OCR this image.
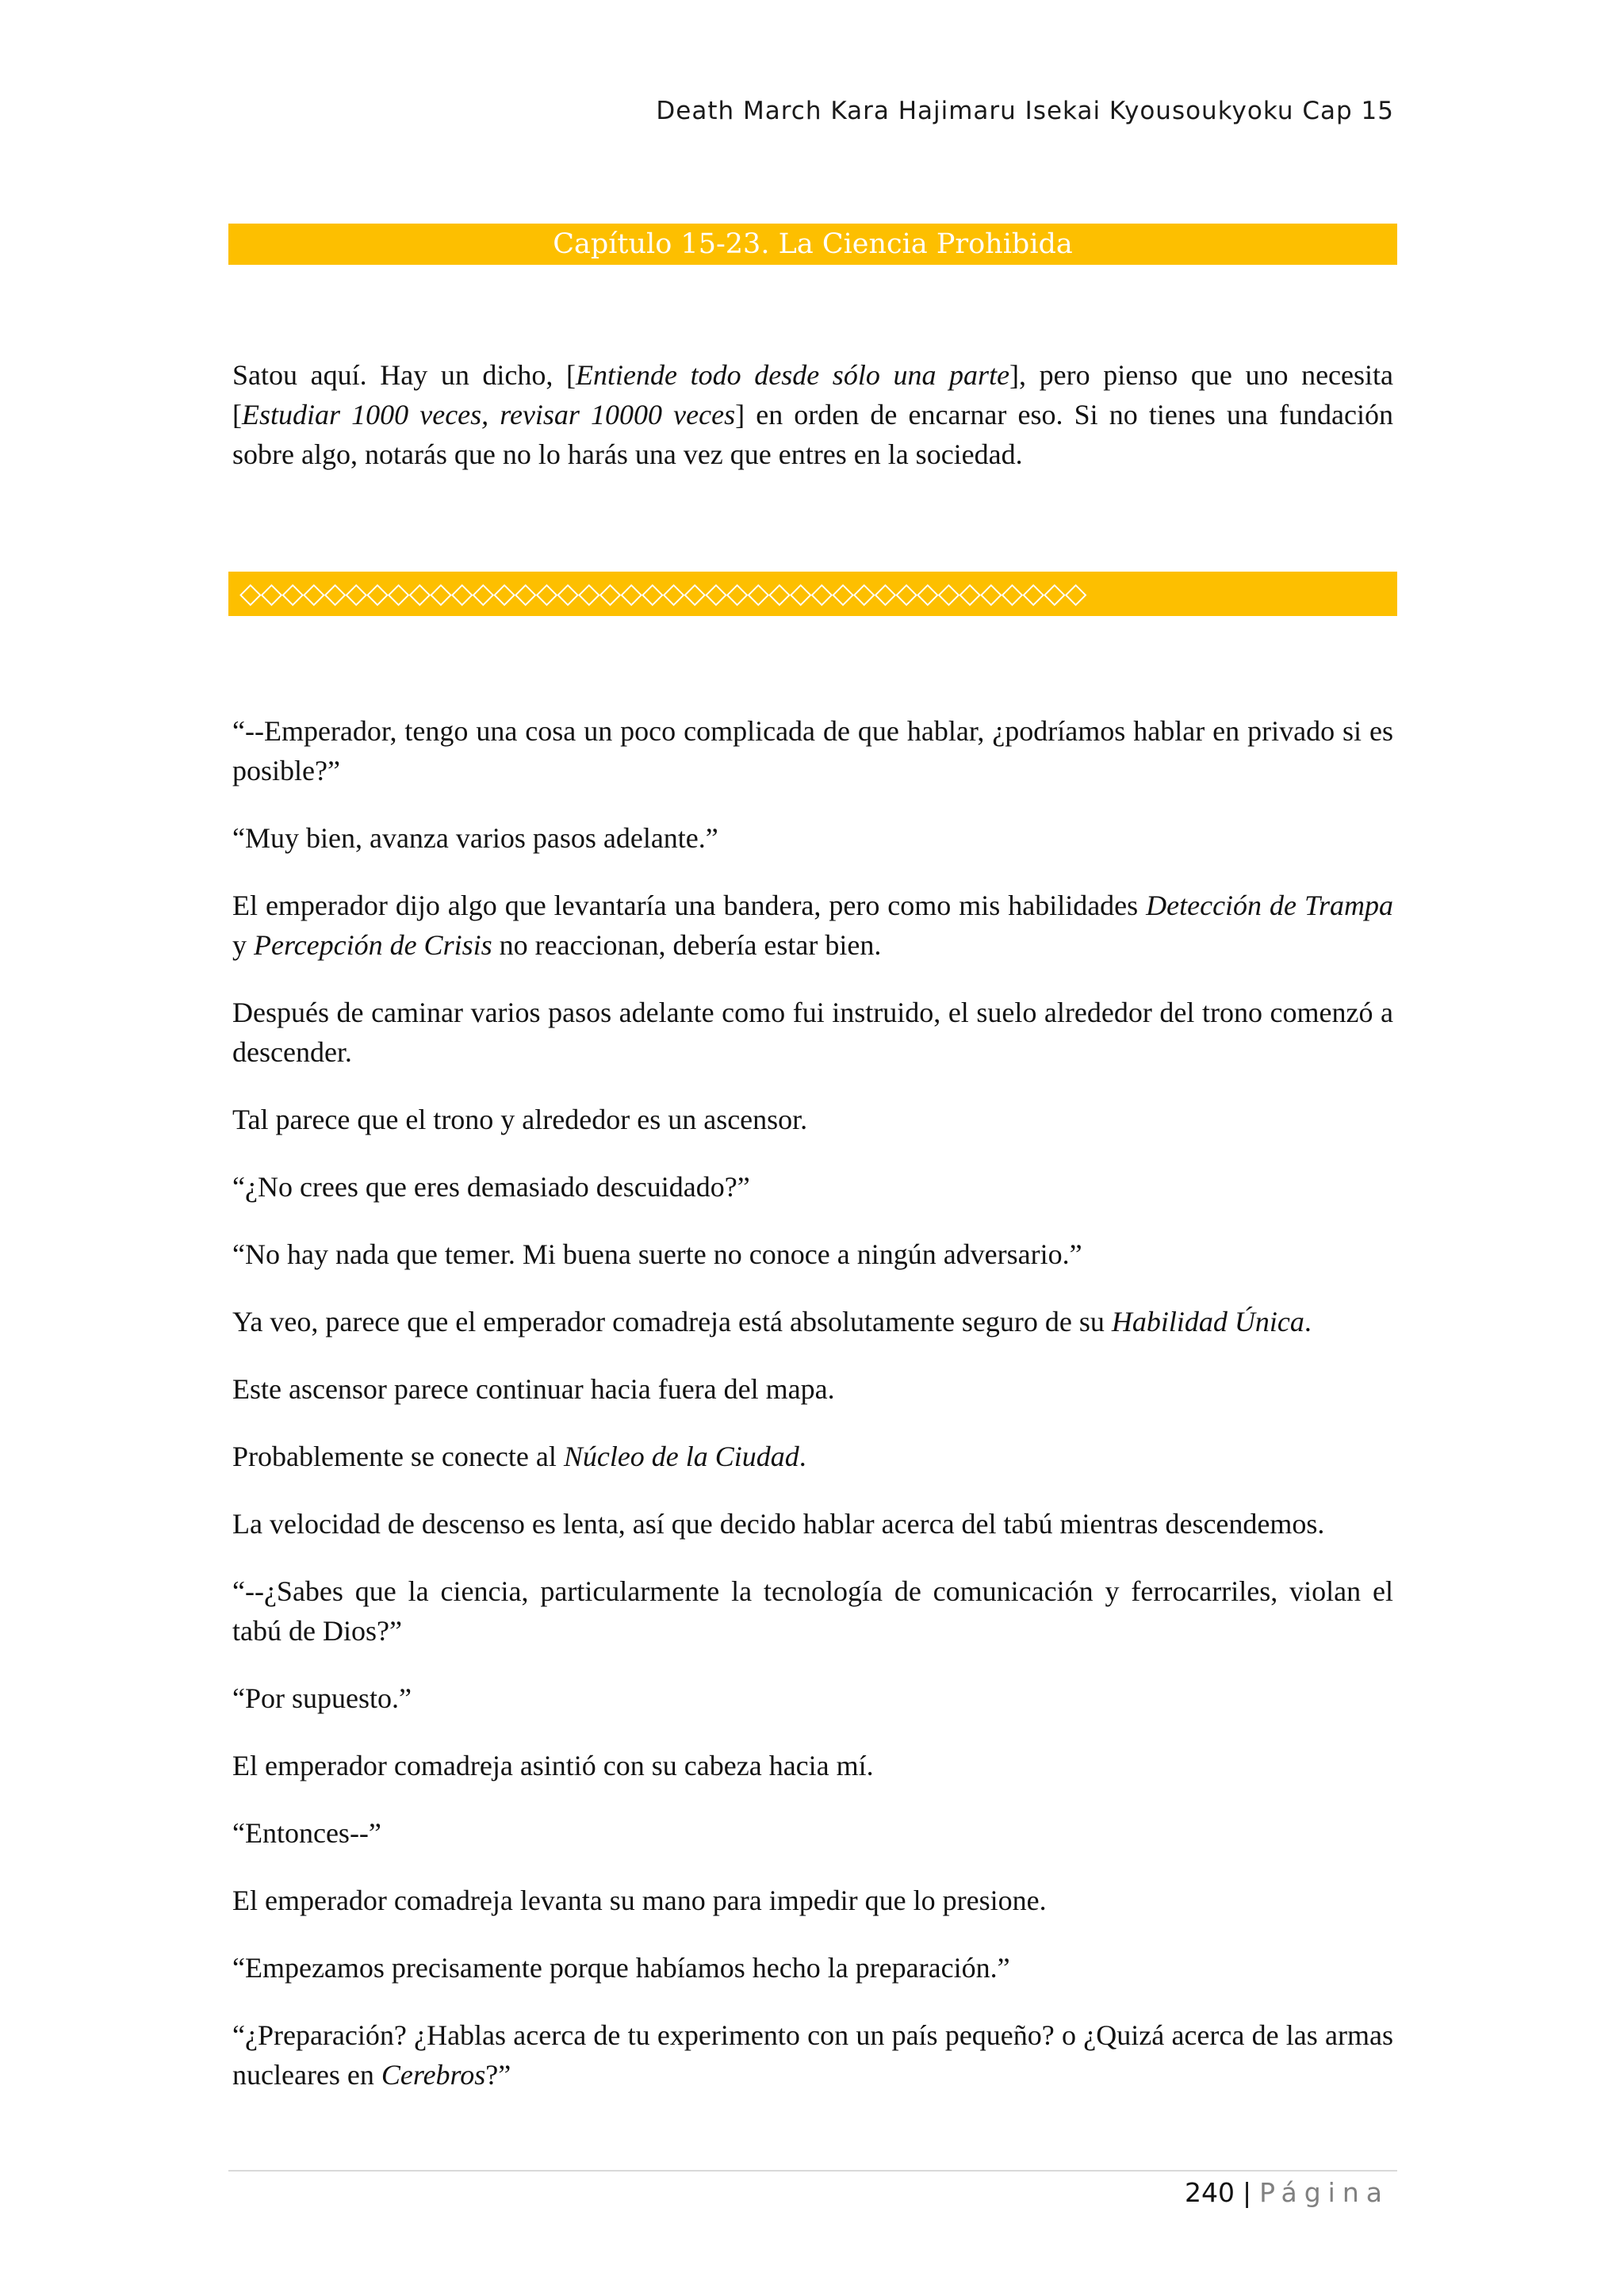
Death March Kara Hajimaru Isekai Kyousoukyoku Cap 15
Capítulo 15-23. La Ciencia Prohibida

Satou aquí. Hay un dicho, [Entiende todo desde sólo una parte], pero pienso que uno necesita [Estudiar 1000 veces, revisar 10000 veces] en orden de encarnar eso. Si no tienes una fundación sobre algo, notarás que no lo harás una vez que entres en la sociedad.

◇◇◇◇◇◇◇◇◇◇◇◇◇◇◇◇◇◇◇◇◇◇◇◇◇◇◇◇◇◇◇◇◇◇◇◇◇◇◇◇

“--Emperador, tengo una cosa un poco complicada de que hablar, ¿podríamos hablar en privado si es posible?”

“Muy bien, avanza varios pasos adelante.”

El emperador dijo algo que levantaría una bandera, pero como mis habilidades Detección de Trampa y Percepción de Crisis no reaccionan, debería estar bien.

Después de caminar varios pasos adelante como fui instruido, el suelo alrededor del trono comenzó a descender.

Tal parece que el trono y alrededor es un ascensor.

“¿No crees que eres demasiado descuidado?”

“No hay nada que temer. Mi buena suerte no conoce a ningún adversario.”

Ya veo, parece que el emperador comadreja está absolutamente seguro de su Habilidad Única.

Este ascensor parece continuar hacia fuera del mapa.

Probablemente se conecte al Núcleo de la Ciudad.

La velocidad de descenso es lenta, así que decido hablar acerca del tabú mientras descendemos.

“--¿Sabes que la ciencia, particularmente la tecnología de comunicación y ferrocarriles, violan el tabú de Dios?”

“Por supuesto.”

El emperador comadreja asintió con su cabeza hacia mí.

“Entonces--”

El emperador comadreja levanta su mano para impedir que lo presione.

“Empezamos precisamente porque habíamos hecho la preparación.”

“¿Preparación? ¿Hablas acerca de tu experimento con un país pequeño? o ¿Quizá acerca de las armas nucleares en Cerebros?”

240 | Página
